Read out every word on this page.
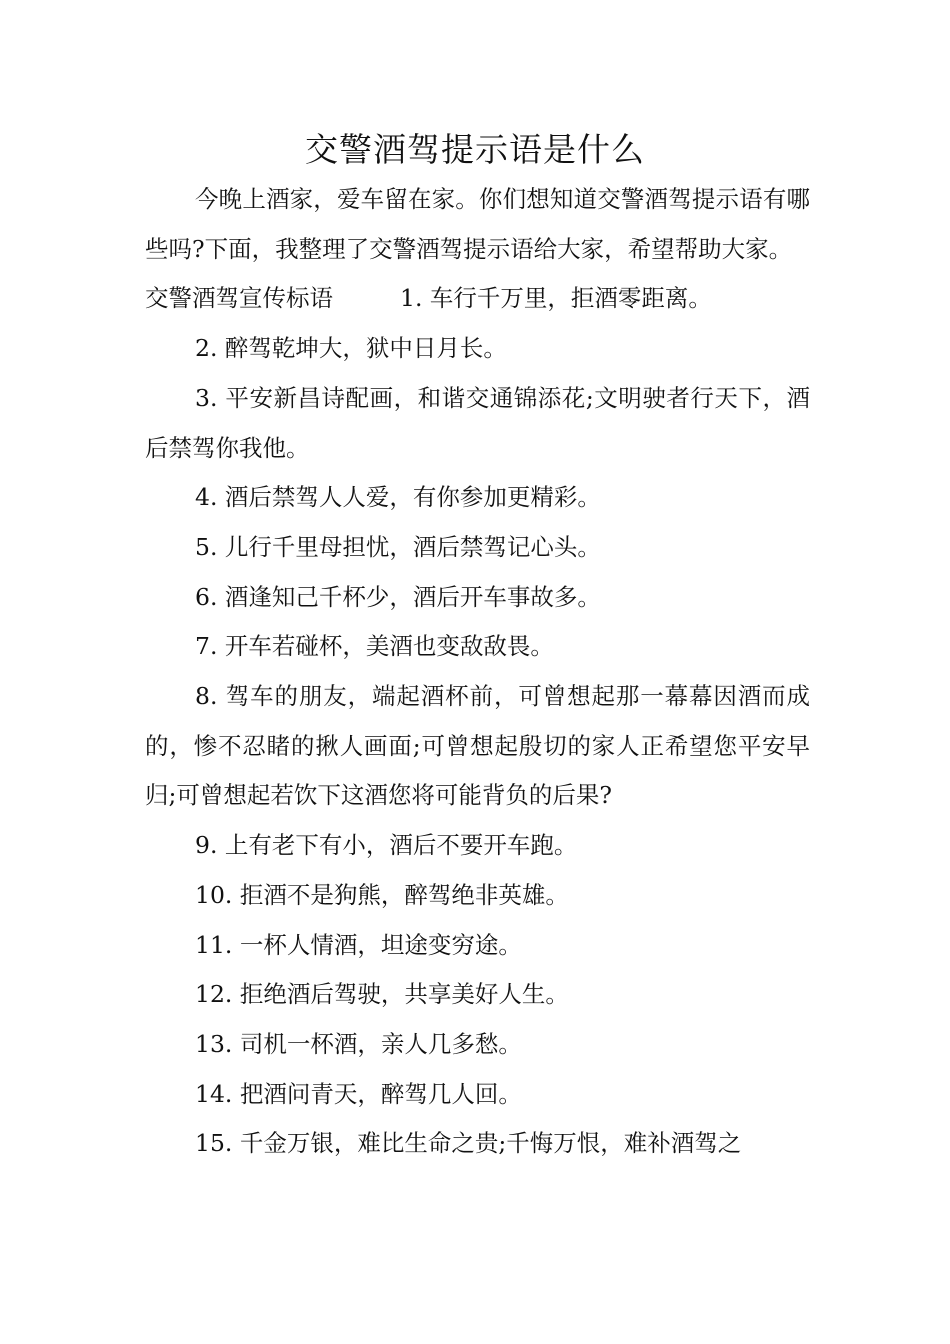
交警酒驾提示语是什么

今晚上酒家，爱车留在家。你们想知道交警酒驾提示语有哪些吗?下面，我整理了交警酒驾提示语给大家，希望帮助大家。

交警酒驾宣传标语	1. 车行千万里，拒酒零距离。

2. 醉驾乾坤大，狱中日月长。

3. 平安新昌诗配画，和谐交通锦添花;文明驶者行天下，酒后禁驾你我他。

4. 酒后禁驾人人爱，有你参加更精彩。

5. 儿行千里母担忧，酒后禁驾记心头。

6. 酒逢知己千杯少，酒后开车事故多。

7. 开车若碰杯，美酒也变敌敌畏。

8. 驾车的朋友，端起酒杯前，可曾想起那一幕幕因酒而成的，惨不忍睹的揪人画面;可曾想起殷切的家人正希望您平安早归;可曾想起若饮下这酒您将可能背负的后果?

9. 上有老下有小，酒后不要开车跑。

10. 拒酒不是狗熊，醉驾绝非英雄。

11. 一杯人情酒，坦途变穷途。

12. 拒绝酒后驾驶，共享美好人生。

13. 司机一杯酒，亲人几多愁。

14. 把酒问青天，醉驾几人回。

15. 千金万银，难比生命之贵;千悔万恨，难补酒驾之
